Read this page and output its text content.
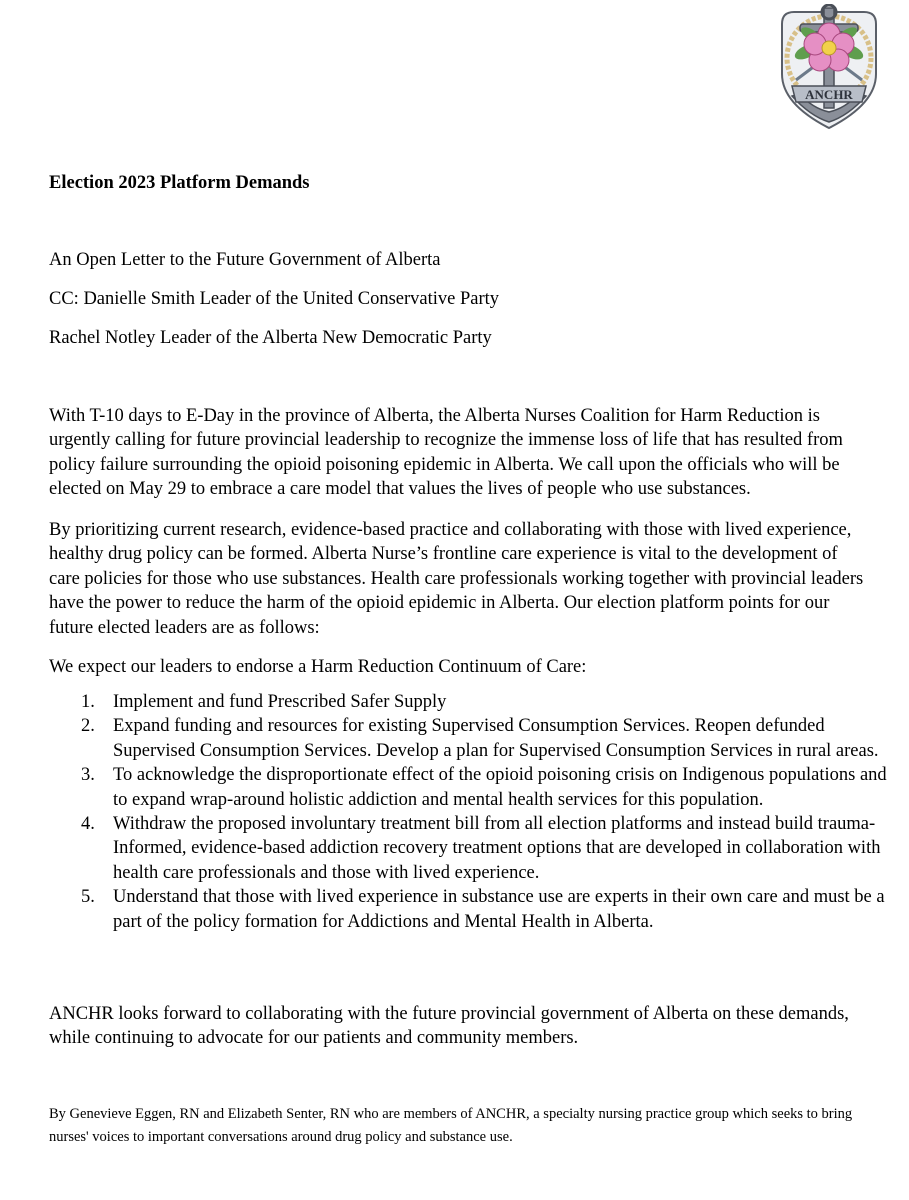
ANCHR
Election 2023 Platform Demands

An Open Letter to the Future Government of Alberta

CC: Danielle Smith Leader of the United Conservative Party

Rachel Notley Leader of the Alberta New Democratic Party

With T-10 days to E-Day in the province of Alberta, the Alberta Nurses Coalition for Harm Reduction is urgently calling for future provincial leadership to recognize the immense loss of life that has resulted from policy failure surrounding the opioid poisoning epidemic in Alberta. We call upon the officials who will be elected on May 29 to embrace a care model that values the lives of people who use substances.

By prioritizing current research, evidence-based practice and collaborating with those with lived experience, healthy drug policy can be formed. Alberta Nurse’s frontline care experience is vital to the development of care policies for those who use substances. Health care professionals working together with provincial leaders have the power to reduce the harm of the opioid epidemic in Alberta. Our election platform points for our future elected leaders are as follows:

We expect our leaders to endorse a Harm Reduction Continuum of Care:

1. Implement and fund Prescribed Safer Supply
2. Expand funding and resources for existing Supervised Consumption Services. Reopen defunded Supervised Consumption Services. Develop a plan for Supervised Consumption Services in rural areas.
3. To acknowledge the disproportionate effect of the opioid poisoning crisis on Indigenous populations and to expand wrap-around holistic addiction and mental health services for this population.
4. Withdraw the proposed involuntary treatment bill from all election platforms and instead build trauma-Informed, evidence-based addiction recovery treatment options that are developed in collaboration with health care professionals and those with lived experience.
5. Understand that those with lived experience in substance use are experts in their own care and must be a part of the policy formation for Addictions and Mental Health in Alberta.

ANCHR looks forward to collaborating with the future provincial government of Alberta on these demands, while continuing to advocate for our patients and community members.

By Genevieve Eggen, RN and Elizabeth Senter, RN who are members of ANCHR, a specialty nursing practice group which seeks to bring nurses' voices to important conversations around drug policy and substance use.
